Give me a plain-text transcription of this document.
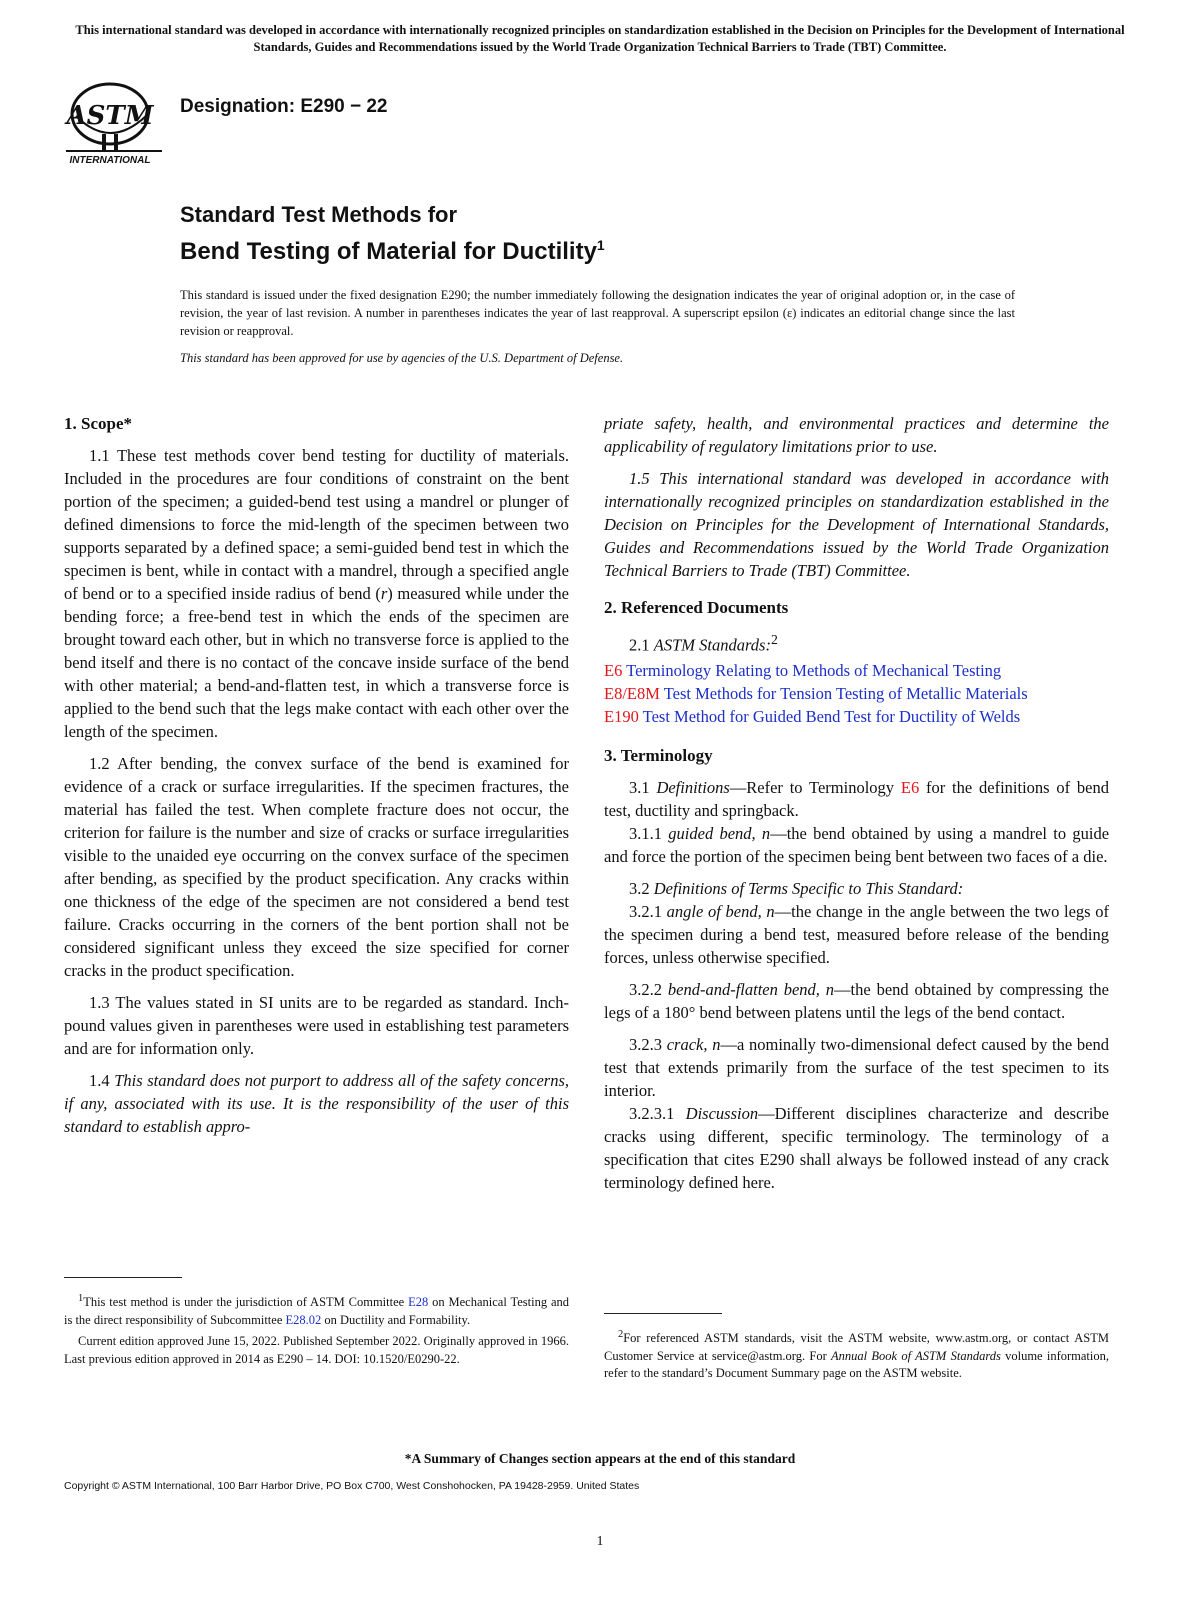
This international standard was developed in accordance with internationally recognized principles on standardization established in the Decision on Principles for the Development of International Standards, Guides and Recommendations issued by the World Trade Organization Technical Barriers to Trade (TBT) Committee.
ASTM
INTERNATIONAL
Designation: E290 − 22
Standard Test Methods for
Bend Testing of Material for Ductility$^1$
This standard is issued under the fixed designation E290; the number immediately following the designation indicates the year of original adoption or, in the case of revision, the year of last revision. A number in parentheses indicates the year of last reapproval. A superscript epsilon (ε) indicates an editorial change since the last revision or reapproval.
This standard has been approved for use by agencies of the U.S. Department of Defense.
1. Scope*

1.1 These test methods cover bend testing for ductility of materials. Included in the procedures are four conditions of constraint on the bent portion of the specimen; a guided-bend test using a mandrel or plunger of defined dimensions to force the mid-length of the specimen between two supports separated by a defined space; a semi-guided bend test in which the specimen is bent, while in contact with a mandrel, through a specified angle of bend or to a specified inside radius of bend (r) measured while under the bending force; a free-bend test in which the ends of the specimen are brought toward each other, but in which no transverse force is applied to the bend itself and there is no contact of the concave inside surface of the bend with other material; a bend-and-flatten test, in which a transverse force is applied to the bend such that the legs make contact with each other over the length of the specimen.

1.2 After bending, the convex surface of the bend is examined for evidence of a crack or surface irregularities. If the specimen fractures, the material has failed the test. When complete fracture does not occur, the criterion for failure is the number and size of cracks or surface irregularities visible to the unaided eye occurring on the convex surface of the specimen after bending, as specified by the product specification. Any cracks within one thickness of the edge of the specimen are not considered a bend test failure. Cracks occurring in the corners of the bent portion shall not be considered significant unless they exceed the size specified for corner cracks in the product specification.

1.3 The values stated in SI units are to be regarded as standard. Inch-pound values given in parentheses were used in establishing test parameters and are for information only.

1.4 This standard does not purport to address all of the safety concerns, if any, associated with its use. It is the responsibility of the user of this standard to establish appro-

$^1$This test method is under the jurisdiction of ASTM Committee E28 on Mechanical Testing and is the direct responsibility of Subcommittee E28.02 on Ductility and Formability.

Current edition approved June 15, 2022. Published September 2022. Originally approved in 1966. Last previous edition approved in 2014 as E290 – 14. DOI: 10.1520/E0290-22.

priate safety, health, and environmental practices and determine the applicability of regulatory limitations prior to use.

1.5 This international standard was developed in accordance with internationally recognized principles on standardization established in the Decision on Principles for the Development of International Standards, Guides and Recommendations issued by the World Trade Organization Technical Barriers to Trade (TBT) Committee.

2. Referenced Documents

2.1 ASTM Standards:$^2$

E6 Terminology Relating to Methods of Mechanical Testing
E8/E8M Test Methods for Tension Testing of Metallic Materials
E190 Test Method for Guided Bend Test for Ductility of Welds
3. Terminology

3.1 Definitions—Refer to Terminology E6 for the definitions of bend test, ductility and springback.

3.1.1 guided bend, n—the bend obtained by using a mandrel to guide and force the portion of the specimen being bent between two faces of a die.

3.2 Definitions of Terms Specific to This Standard:

3.2.1 angle of bend, n—the change in the angle between the two legs of the specimen during a bend test, measured before release of the bending forces, unless otherwise specified.

3.2.2 bend-and-flatten bend, n—the bend obtained by compressing the legs of a 180° bend between platens until the legs of the bend contact.

3.2.3 crack, n—a nominally two-dimensional defect caused by the bend test that extends primarily from the surface of the test specimen to its interior.

3.2.3.1 Discussion—Different disciplines characterize and describe cracks using different, specific terminology. The terminology of a specification that cites E290 shall always be followed instead of any crack terminology defined here.

$^2$For referenced ASTM standards, visit the ASTM website, www.astm.org, or contact ASTM Customer Service at service@astm.org. For Annual Book of ASTM Standards volume information, refer to the standard’s Document Summary page on the ASTM website.

*A Summary of Changes section appears at the end of this standard
Copyright © ASTM International, 100 Barr Harbor Drive, PO Box C700, West Conshohocken, PA 19428-2959. United States
1
